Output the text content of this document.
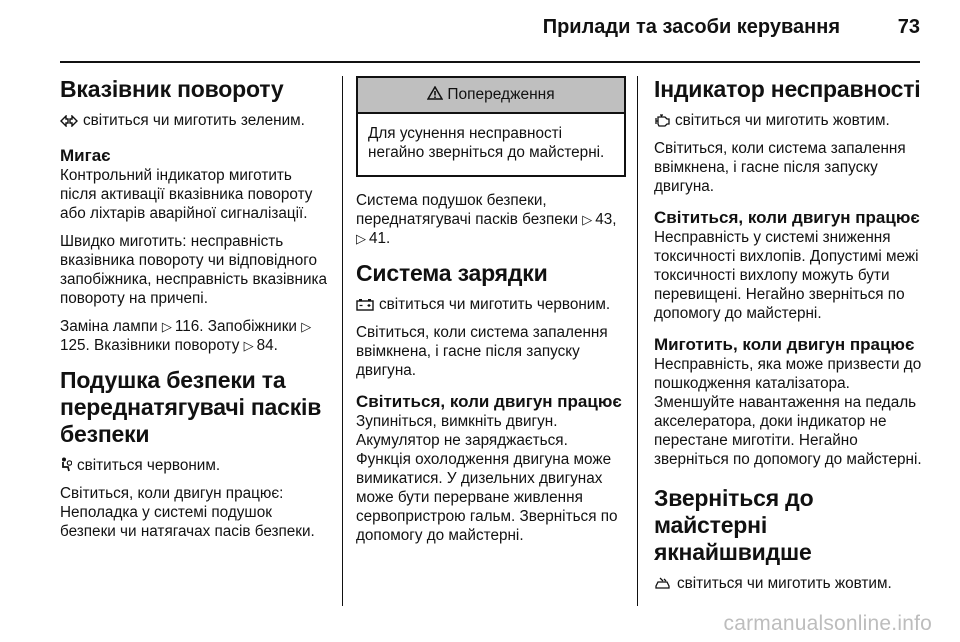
Прилади та засоби керування	73
Вказівник повороту

світиться чи миготить зеленим.

Мигає

Контрольний індикатор миготить після активації вказівника повороту або ліхтарів аварійної сигналізації.

Швидко миготить: несправність вказівника повороту чи відповідного запобіжника, несправність вказівника повороту на причепі.

Заміна лампи ▷ 116. Запобіжники ▷125. Вказівники повороту ▷ 84.

Подушка безпеки та переднатягувачі пасків безпеки

світиться червоним.

Світиться, коли двигун працює: Неполадка у системі подушок безпеки чи натягачах пасів безпеки.

Попередження

Для усунення несправності негайно зверніться до майстерні.

Система подушок безпеки, переднатягувачі пасків безпеки ▷ 43, ▷ 41.

Система зарядки

світиться чи миготить червоним.

Світиться, коли система запалення ввімкнена, і гасне після запуску двигуна.

Світиться, коли двигун працює

Зупиніться, вимкніть двигун. Акумулятор не заряджається. Функція охолодження двигуна може вимикатися. У дизельних двигунах може бути перерване живлення сервопристрою гальм. Зверніться по допомогу до майстерні.

Індикатор несправності

світиться чи миготить жовтим.

Світиться, коли система запалення ввімкнена, і гасне після запуску двигуна.

Світиться, коли двигун працює

Несправність у системі зниження токсичності вихлопів. Допустимі межі токсичності вихлопу можуть бути перевищені. Негайно зверніться по допомогу до майстерні.

Миготить, коли двигун працює

Несправність, яка може призвести до пошкодження каталізатора. Зменшуйте навантаження на педаль акселератора, доки індикатор не перестане миготіти. Негайно зверніться по допомогу до майстерні.

Зверніться до майстерні якнайшвидше

світиться чи миготить жовтим.

carmanualsonline.info
